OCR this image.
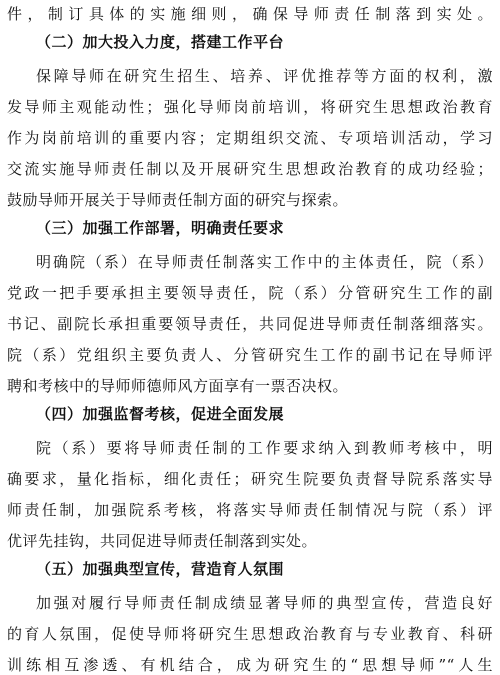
件，制订具体的实施细则，确保导师责任制落到实处。
（二）加大投入力度，搭建工作平台
保障导师在研究生招生、培养、评优推荐等方面的权利，激
发导师主观能动性；强化导师岗前培训，将研究生思想政治教育
作为岗前培训的重要内容；定期组织交流、专项培训活动，学习
交流实施导师责任制以及开展研究生思想政治教育的成功经验；
鼓励导师开展关于导师责任制方面的研究与探索。
（三）加强工作部署，明确责任要求
明确院（系）在导师责任制落实工作中的主体责任，院（系）
党政一把手要承担主要领导责任，院（系）分管研究生工作的副
书记、副院长承担重要领导责任，共同促进导师责任制落细落实。
院（系）党组织主要负责人、分管研究生工作的副书记在导师评
聘和考核中的导师师德师风方面享有一票否决权。
（四）加强监督考核，促进全面发展
院（系）要将导师责任制的工作要求纳入到教师考核中，明
确要求，量化指标，细化责任；研究生院要负责督导院系落实导
师责任制，加强院系考核，将落实导师责任制情况与院（系）评
优评先挂钩，共同促进导师责任制落到实处。
（五）加强典型宣传，营造育人氛围
加强对履行导师责任制成绩显著导师的典型宣传，营造良好
的育人氛围，促使导师将研究生思想政治教育与专业教育、科研
训练相互渗透、有机结合，成为研究生的“思想导师”“人生
